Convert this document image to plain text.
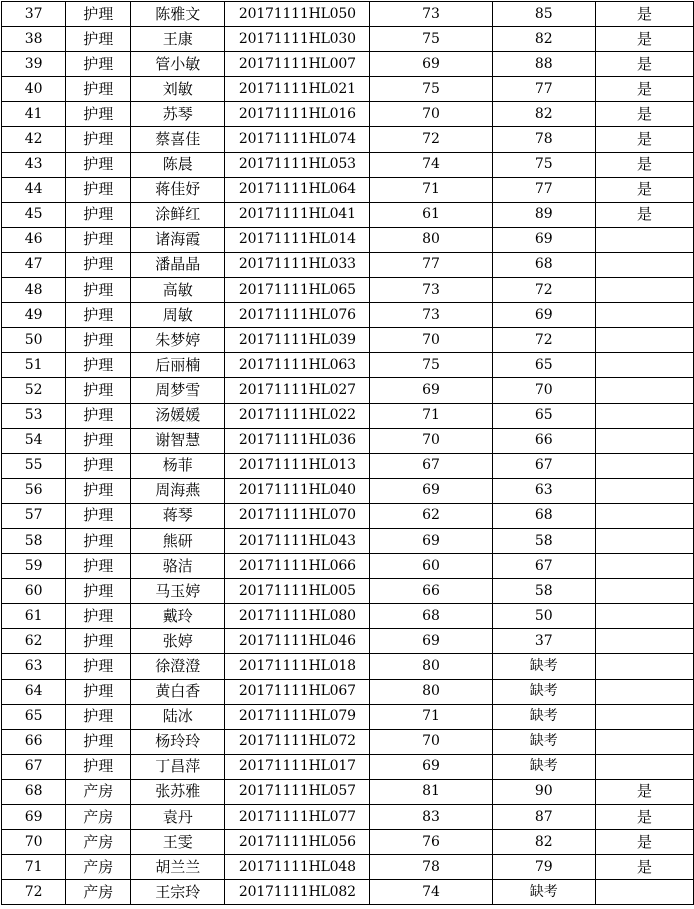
37	护理	陈雅文	20171111HL050	73	85	是
38	护理	王康	20171111HL030	75	82	是
39	护理	管小敏	20171111HL007	69	88	是
40	护理	刘敏	20171111HL021	75	77	是
41	护理	苏琴	20171111HL016	70	82	是
42	护理	蔡喜佳	20171111HL074	72	78	是
43	护理	陈晨	20171111HL053	74	75	是
44	护理	蒋佳妤	20171111HL064	71	77	是
45	护理	涂鲜红	20171111HL041	61	89	是
46	护理	诸海霞	20171111HL014	80	69	
47	护理	潘晶晶	20171111HL033	77	68	
48	护理	高敏	20171111HL065	73	72	
49	护理	周敏	20171111HL076	73	69	
50	护理	朱梦婷	20171111HL039	70	72	
51	护理	后丽楠	20171111HL063	75	65	
52	护理	周梦雪	20171111HL027	69	70	
53	护理	汤媛媛	20171111HL022	71	65	
54	护理	谢智慧	20171111HL036	70	66	
55	护理	杨菲	20171111HL013	67	67	
56	护理	周海燕	20171111HL040	69	63	
57	护理	蒋琴	20171111HL070	62	68	
58	护理	熊研	20171111HL043	69	58	
59	护理	骆洁	20171111HL066	60	67	
60	护理	马玉婷	20171111HL005	66	58	
61	护理	戴玲	20171111HL080	68	50	
62	护理	张婷	20171111HL046	69	37	
63	护理	徐澄澄	20171111HL018	80	缺考	
64	护理	黄白香	20171111HL067	80	缺考	
65	护理	陆冰	20171111HL079	71	缺考	
66	护理	杨玲玲	20171111HL072	70	缺考	
67	护理	丁昌萍	20171111HL017	69	缺考	
68	产房	张苏雅	20171111HL057	81	90	是
69	产房	袁丹	20171111HL077	83	87	是
70	产房	王雯	20171111HL056	76	82	是
71	产房	胡兰兰	20171111HL048	78	79	是
72	产房	王宗玲	20171111HL082	74	缺考	
